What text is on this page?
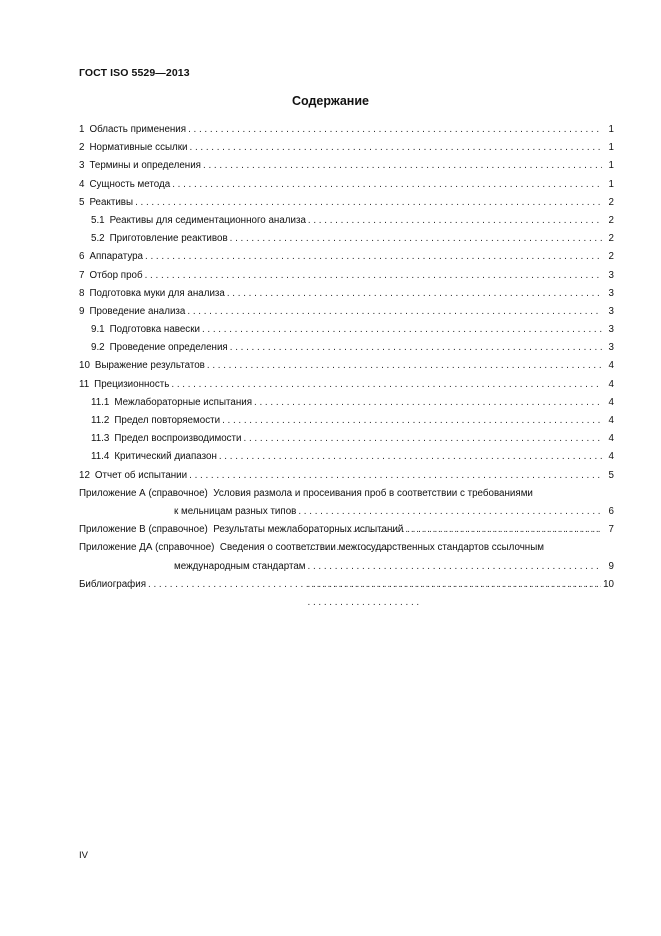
ГОСТ ISO 5529—2013
Содержание
1 Область применения . . .	1
2 Нормативные ссылки . . .	1
3 Термины и определения . . .	1
4 Сущность метода . . .	1
5 Реактивы . . .	2
5.1 Реактивы для седиментационного анализа . . .	2
5.2 Приготовление реактивов . . .	2
6 Аппаратура . . .	2
7 Отбор проб . . .	3
8 Подготовка муки для анализа . . .	3
9 Проведение анализа . . .	3
9.1 Подготовка навески . . .	3
9.2 Проведение определения . . .	3
10 Выражение результатов . . .	4
11 Прецизионность . . .	4
11.1 Межлабораторные испытания . . .	4
11.2 Предел повторяемости . . .	4
11.3 Предел воспроизводимости . . .	4
11.4 Критический диапазон . . .	4
12 Отчет об испытании . . .	5
Приложение А (справочное) Условия размола и просеивания проб в соответствии с требованиями
к мельницам разных типов . . .	6
Приложение В (справочное) Результаты межлабораторных испытаний . . .	7
Приложение ДА (справочное) Сведения о соответствии межгосударственных стандартов ссылочным
международным стандартам . . .	9
Библиография . . .	10
IV
